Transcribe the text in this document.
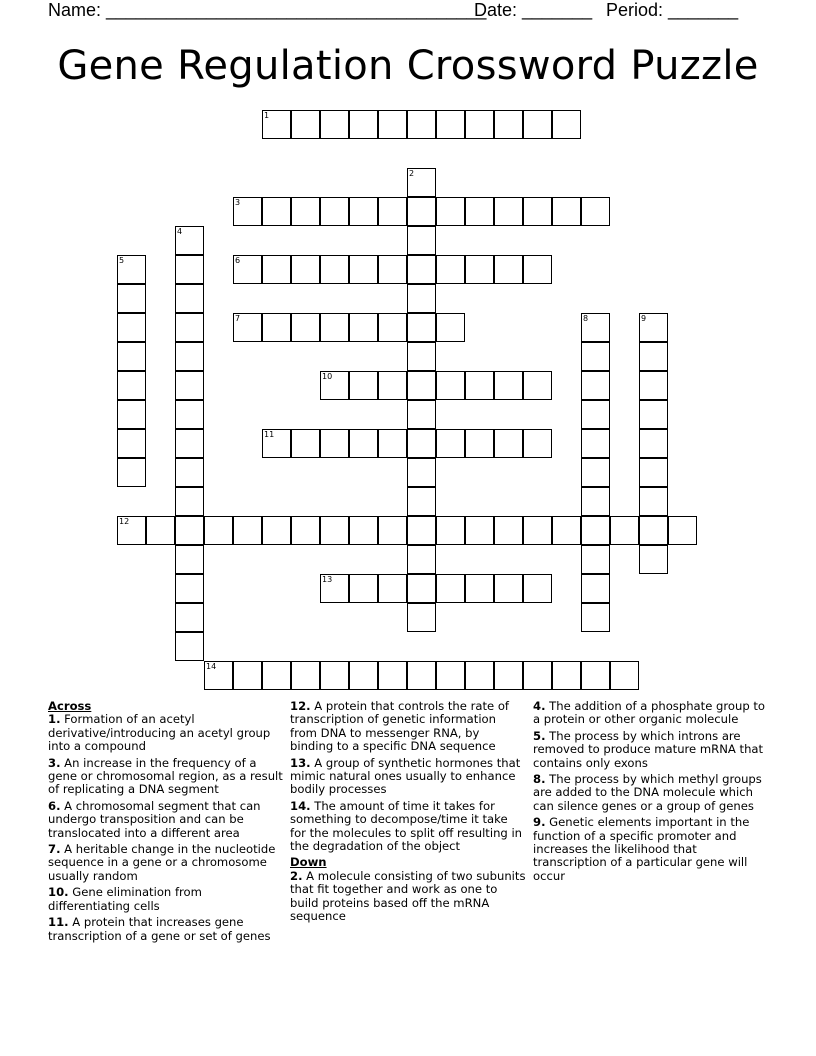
Name: ______________________________________
Date: _______ Period: _______
Gene Regulation Crossword Puzzle
1
2
3
4
5	6
7	8	9
10
11
12
13
14
Across
1. Formation of an acetyl derivative/introducing an acetyl group into a compound
3. An increase in the frequency of a gene or chromosomal region, as a result of replicating a DNA segment
6. A chromosomal segment that can undergo transposition and can be translocated into a different area
7. A heritable change in the nucleotide sequence in a gene or a chromosome usually random
10. Gene elimination from differentiating cells
11. A protein that increases gene transcription of a gene or set of genes
12. A protein that controls the rate of transcription of genetic information from DNA to messenger RNA, by binding to a specific DNA sequence
13. A group of synthetic hormones that mimic natural ones usually to enhance bodily processes
14. The amount of time it takes for something to decompose/time it take for the molecules to split off resulting in the degradation of the object
Down
2. A molecule consisting of two subunits that fit together and work as one to build proteins based off the mRNA sequence
4. The addition of a phosphate group to a protein or other organic molecule
5. The process by which introns are removed to produce mature mRNA that contains only exons
8. The process by which methyl groups are added to the DNA molecule which can silence genes or a group of genes
9. Genetic elements important in the function of a specific promoter and increases the likelihood that transcription of a particular gene will occur
